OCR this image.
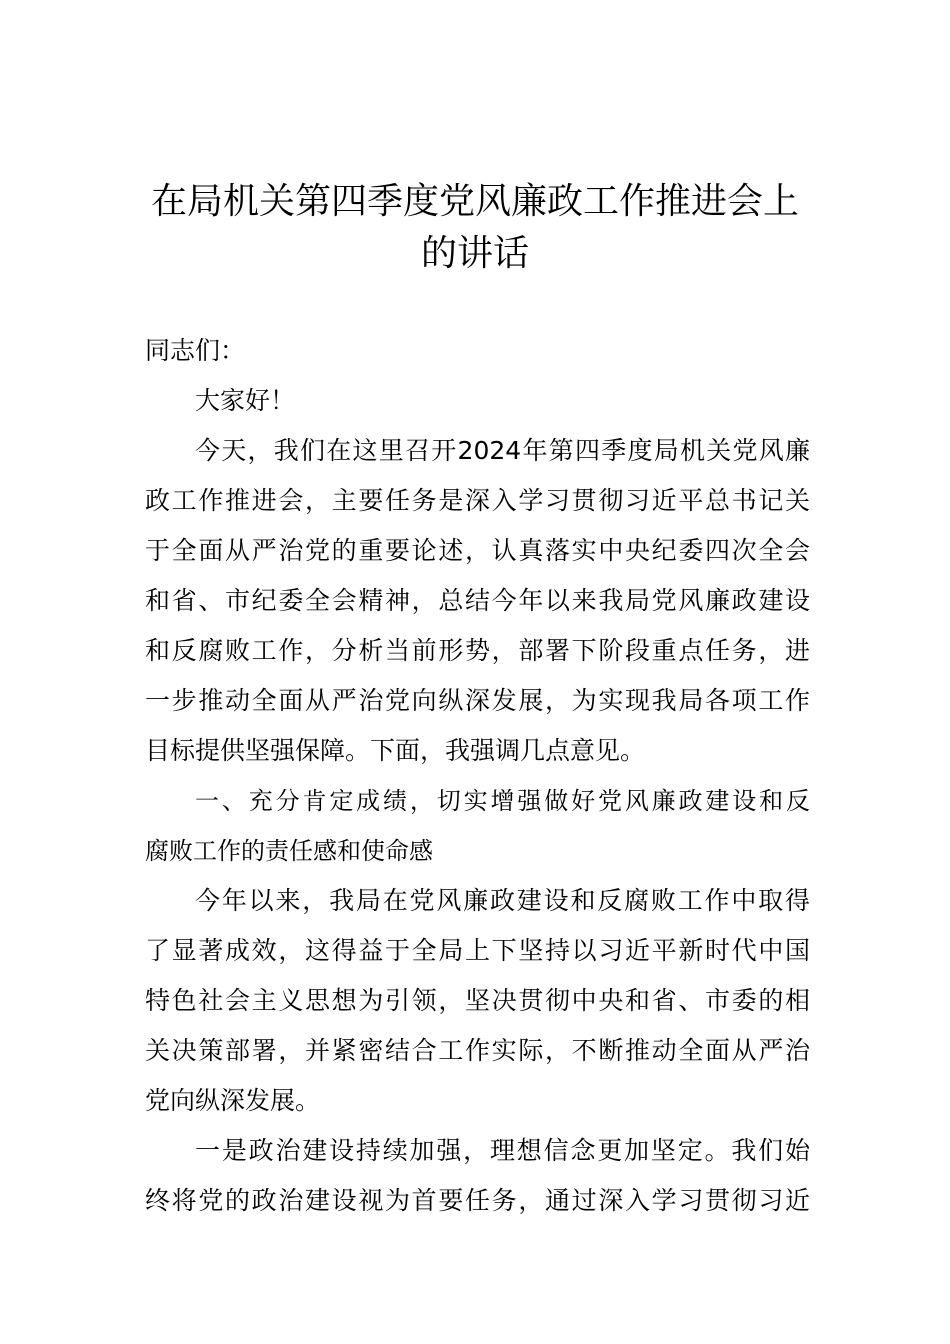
在局机关第四季度党风廉政工作推进会上
的讲话

同志们：

大家好！

今天，我们在这里召开2024年第四季度局机关党风廉
政工作推进会，主要任务是深入学习贯彻习近平总书记关
于全面从严治党的重要论述，认真落实中央纪委四次全会
和省、市纪委全会精神，总结今年以来我局党风廉政建设
和反腐败工作，分析当前形势，部署下阶段重点任务，进
一步推动全面从严治党向纵深发展，为实现我局各项工作
目标提供坚强保障。下面，我强调几点意见。

一、充分肯定成绩，切实增强做好党风廉政建设和反
腐败工作的责任感和使命感

今年以来，我局在党风廉政建设和反腐败工作中取得
了显著成效，这得益于全局上下坚持以习近平新时代中国
特色社会主义思想为引领，坚决贯彻中央和省、市委的相
关决策部署，并紧密结合工作实际，不断推动全面从严治
党向纵深发展。

一是政治建设持续加强，理想信念更加坚定。我们始
终将党的政治建设视为首要任务，通过深入学习贯彻习近
